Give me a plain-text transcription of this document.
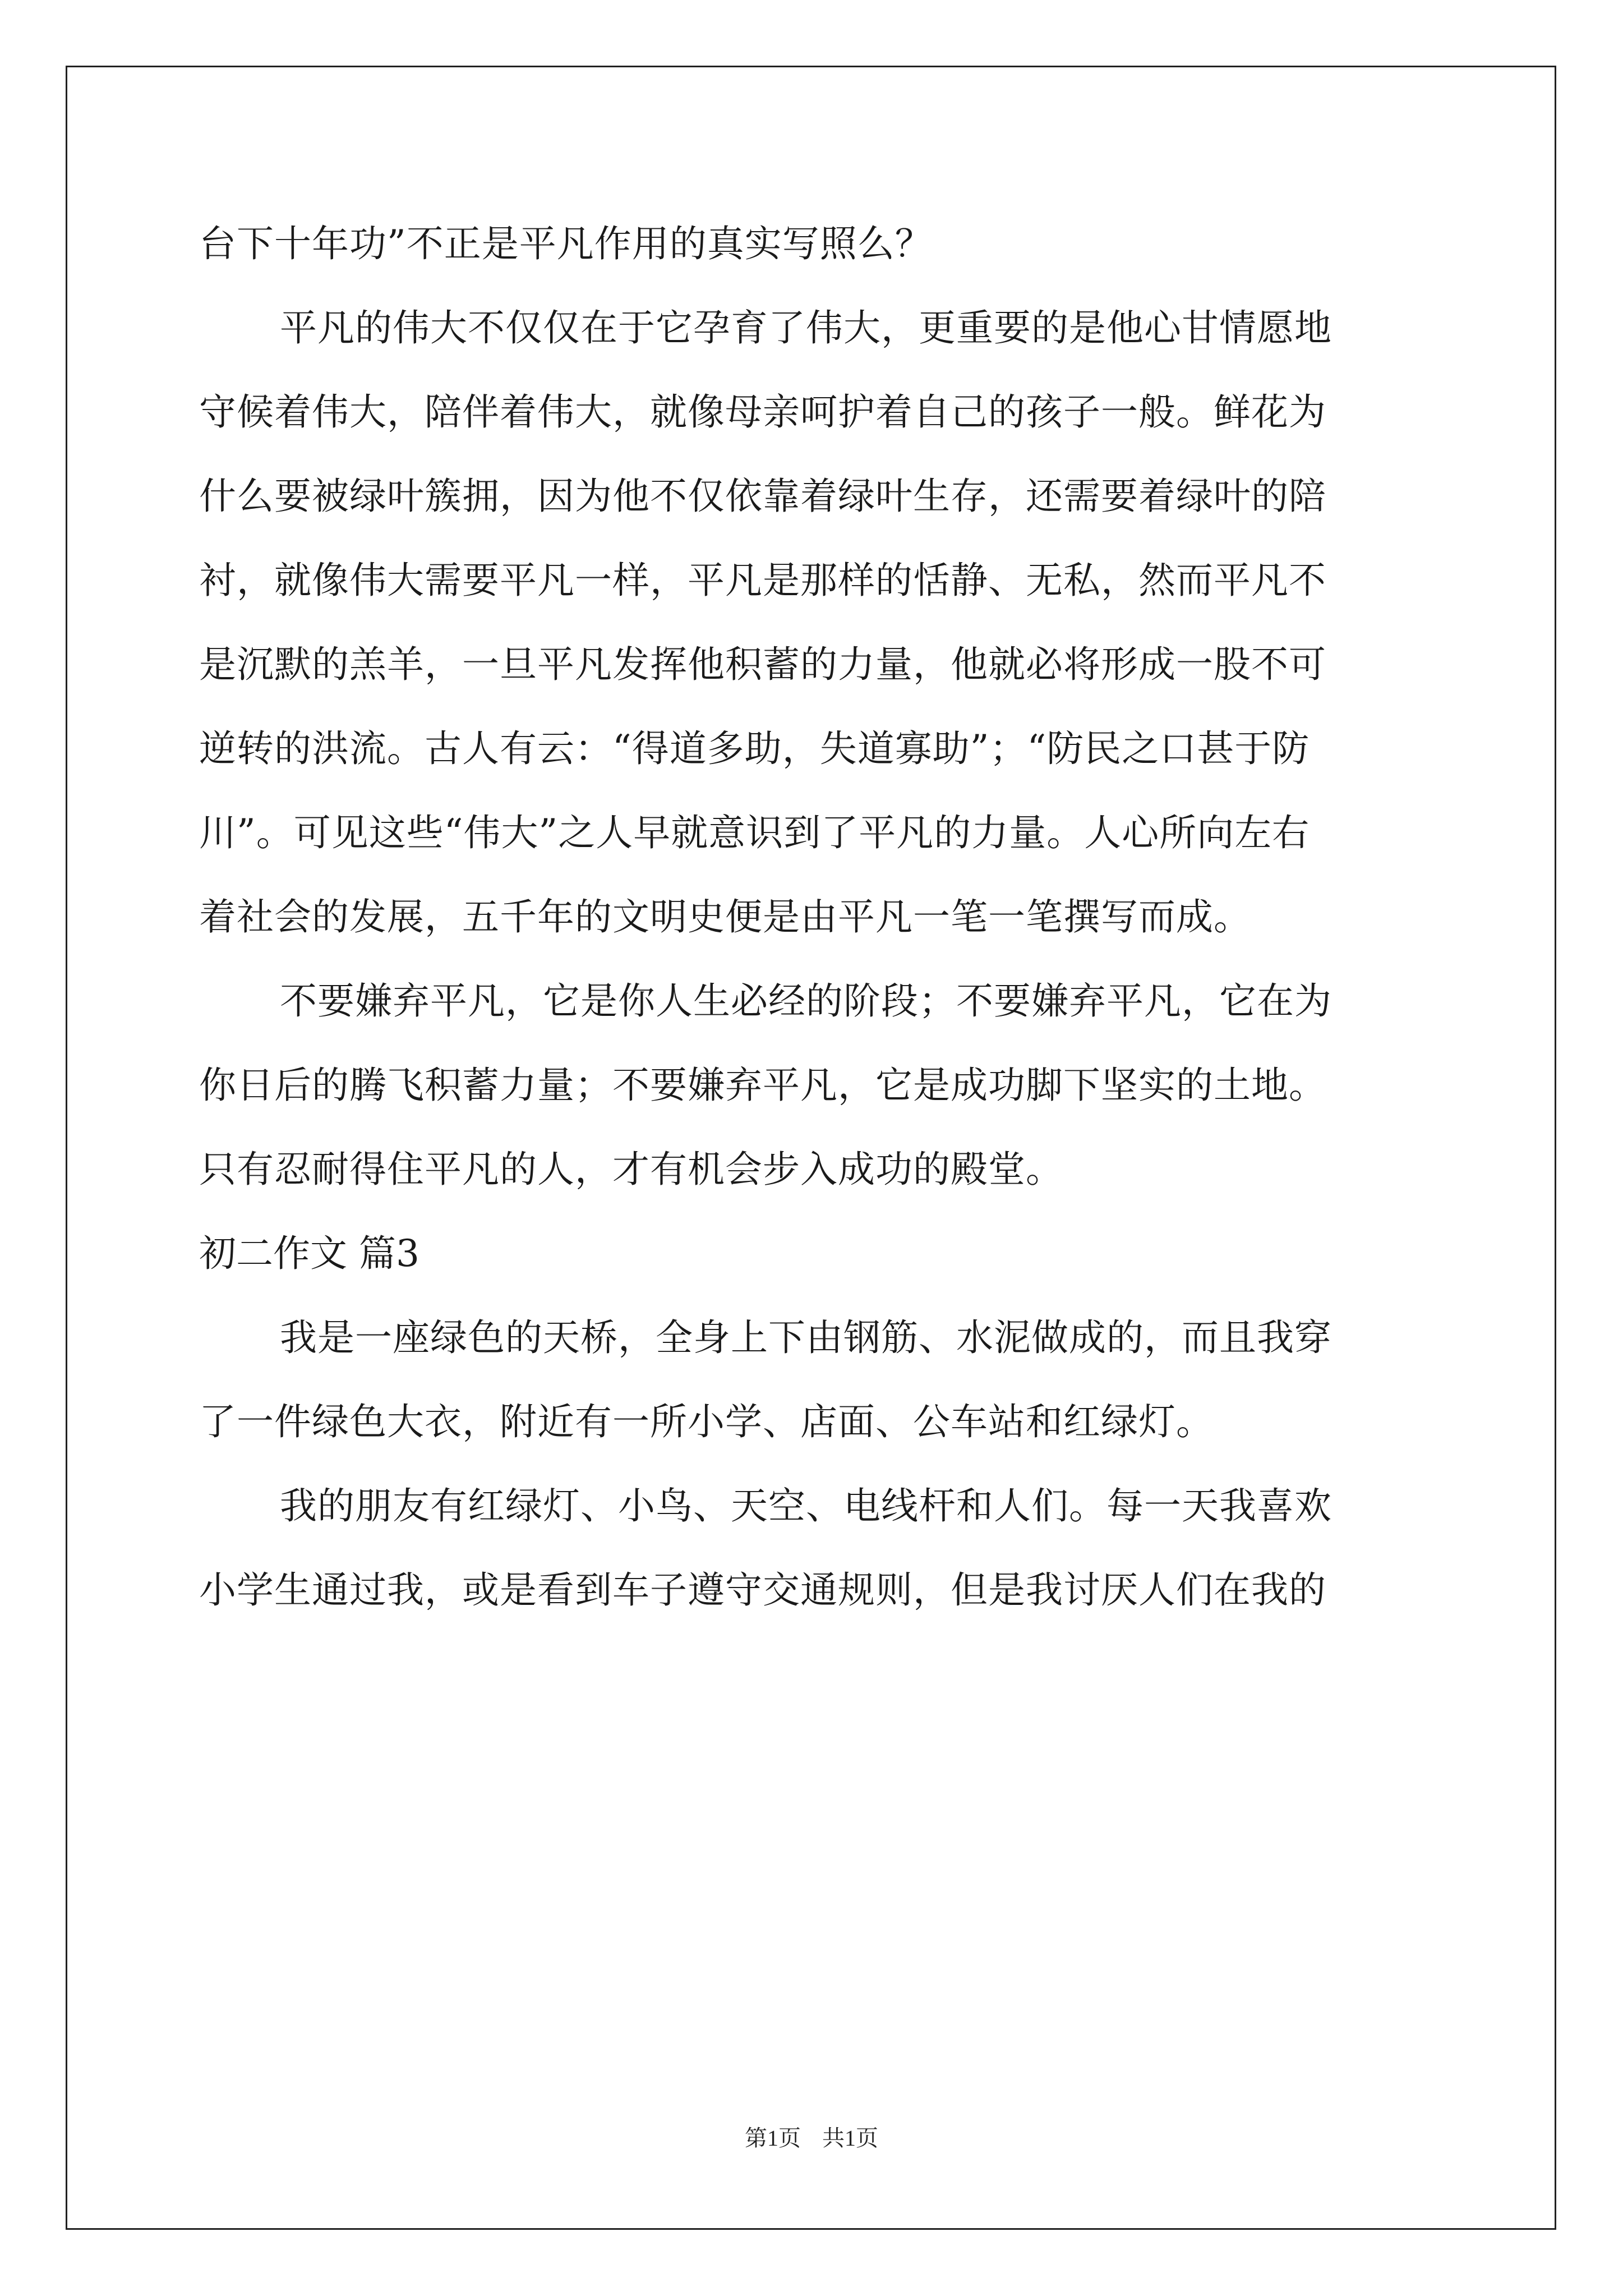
台下十年功”不正是平凡作用的真实写照么？
平凡的伟大不仅仅在于它孕育了伟大，更重要的是他心甘情愿地
守候着伟大，陪伴着伟大，就像母亲呵护着自己的孩子一般。鲜花为
什么要被绿叶簇拥，因为他不仅依靠着绿叶生存，还需要着绿叶的陪
衬，就像伟大需要平凡一样，平凡是那样的恬静、无私，然而平凡不
是沉默的羔羊，一旦平凡发挥他积蓄的力量，他就必将形成一股不可
逆转的洪流。古人有云：“得道多助，失道寡助”；“防民之口甚于防
川”。可见这些“伟大”之人早就意识到了平凡的力量。人心所向左右
着社会的发展，五千年的文明史便是由平凡一笔一笔撰写而成。
不要嫌弃平凡，它是你人生必经的阶段；不要嫌弃平凡，它在为
你日后的腾飞积蓄力量；不要嫌弃平凡，它是成功脚下坚实的土地。
只有忍耐得住平凡的人，才有机会步入成功的殿堂。
初二作文 篇3
我是一座绿色的天桥，全身上下由钢筋、水泥做成的，而且我穿
了一件绿色大衣，附近有一所小学、店面、公车站和红绿灯。
我的朋友有红绿灯、小鸟、天空、电线杆和人们。每一天我喜欢
小学生通过我，或是看到车子遵守交通规则，但是我讨厌人们在我的
第1页 共1页
